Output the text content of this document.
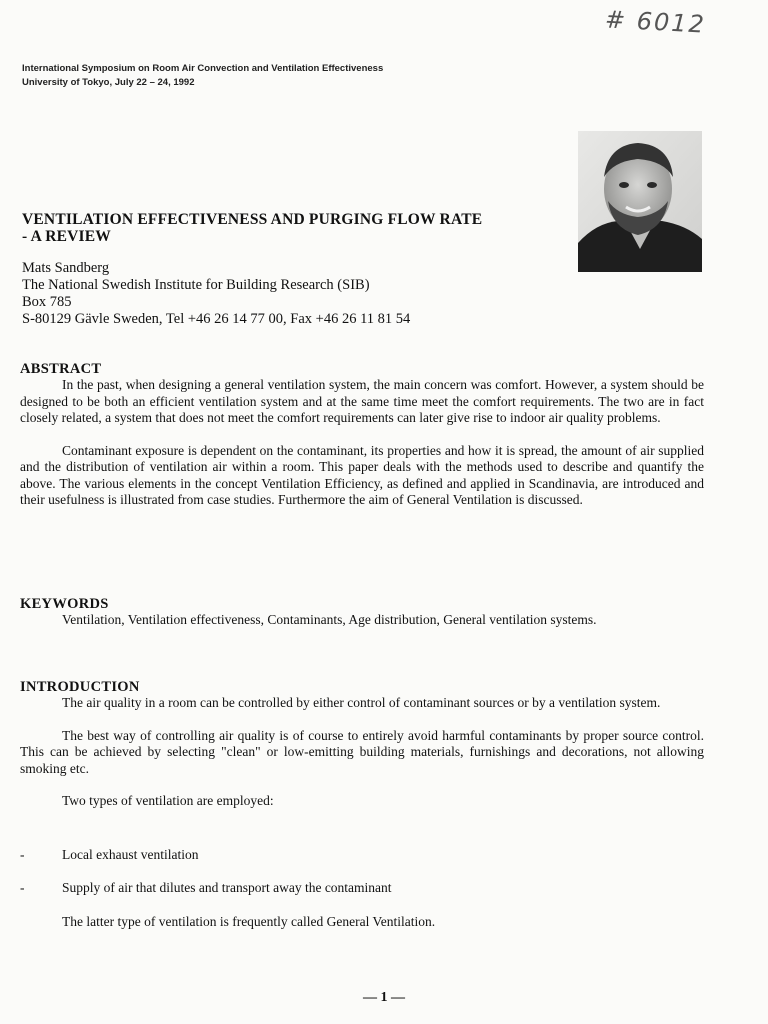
# 6012
International Symposium on Room Air Convection and Ventilation Effectiveness
University of Tokyo, July 22 – 24, 1992
VENTILATION EFFECTIVENESS AND PURGING FLOW RATE
- A REVIEW
Mats Sandberg
The National Swedish Institute for Building Research (SIB)
Box 785
S-80129 Gävle Sweden, Tel +46 26 14 77 00, Fax +46 26 11 81 54
ABSTRACT

In the past, when designing a general ventilation system, the main concern was comfort. However, a system should be designed to be both an efficient ventilation system and at the same time meet the comfort requirements. The two are in fact closely related, a system that does not meet the comfort requirements can later give rise to indoor air quality problems.

Contaminant exposure is dependent on the contaminant, its properties and how it is spread, the amount of air supplied and the distribution of ventilation air within a room. This paper deals with the methods used to describe and quantify the above. The various elements in the concept Ventilation Efficiency, as defined and applied in Scandinavia, are introduced and their usefulness is illustrated from case studies. Furthermore the aim of General Ventilation is discussed.

KEYWORDS

Ventilation, Ventilation effectiveness, Contaminants, Age distribution, General ventilation systems.

INTRODUCTION

The air quality in a room can be controlled by either control of contaminant sources or by a ventilation system.

The best way of controlling air quality is of course to entirely avoid harmful contaminants by proper source control. This can be achieved by selecting "clean" or low-emitting building materials, furnishings and decorations, not allowing smoking etc.

Two types of ventilation are employed:

-	Local exhaust ventilation
-	Supply of air that dilutes and transport away the contaminant

The latter type of ventilation is frequently called General Ventilation.

— 1 —
